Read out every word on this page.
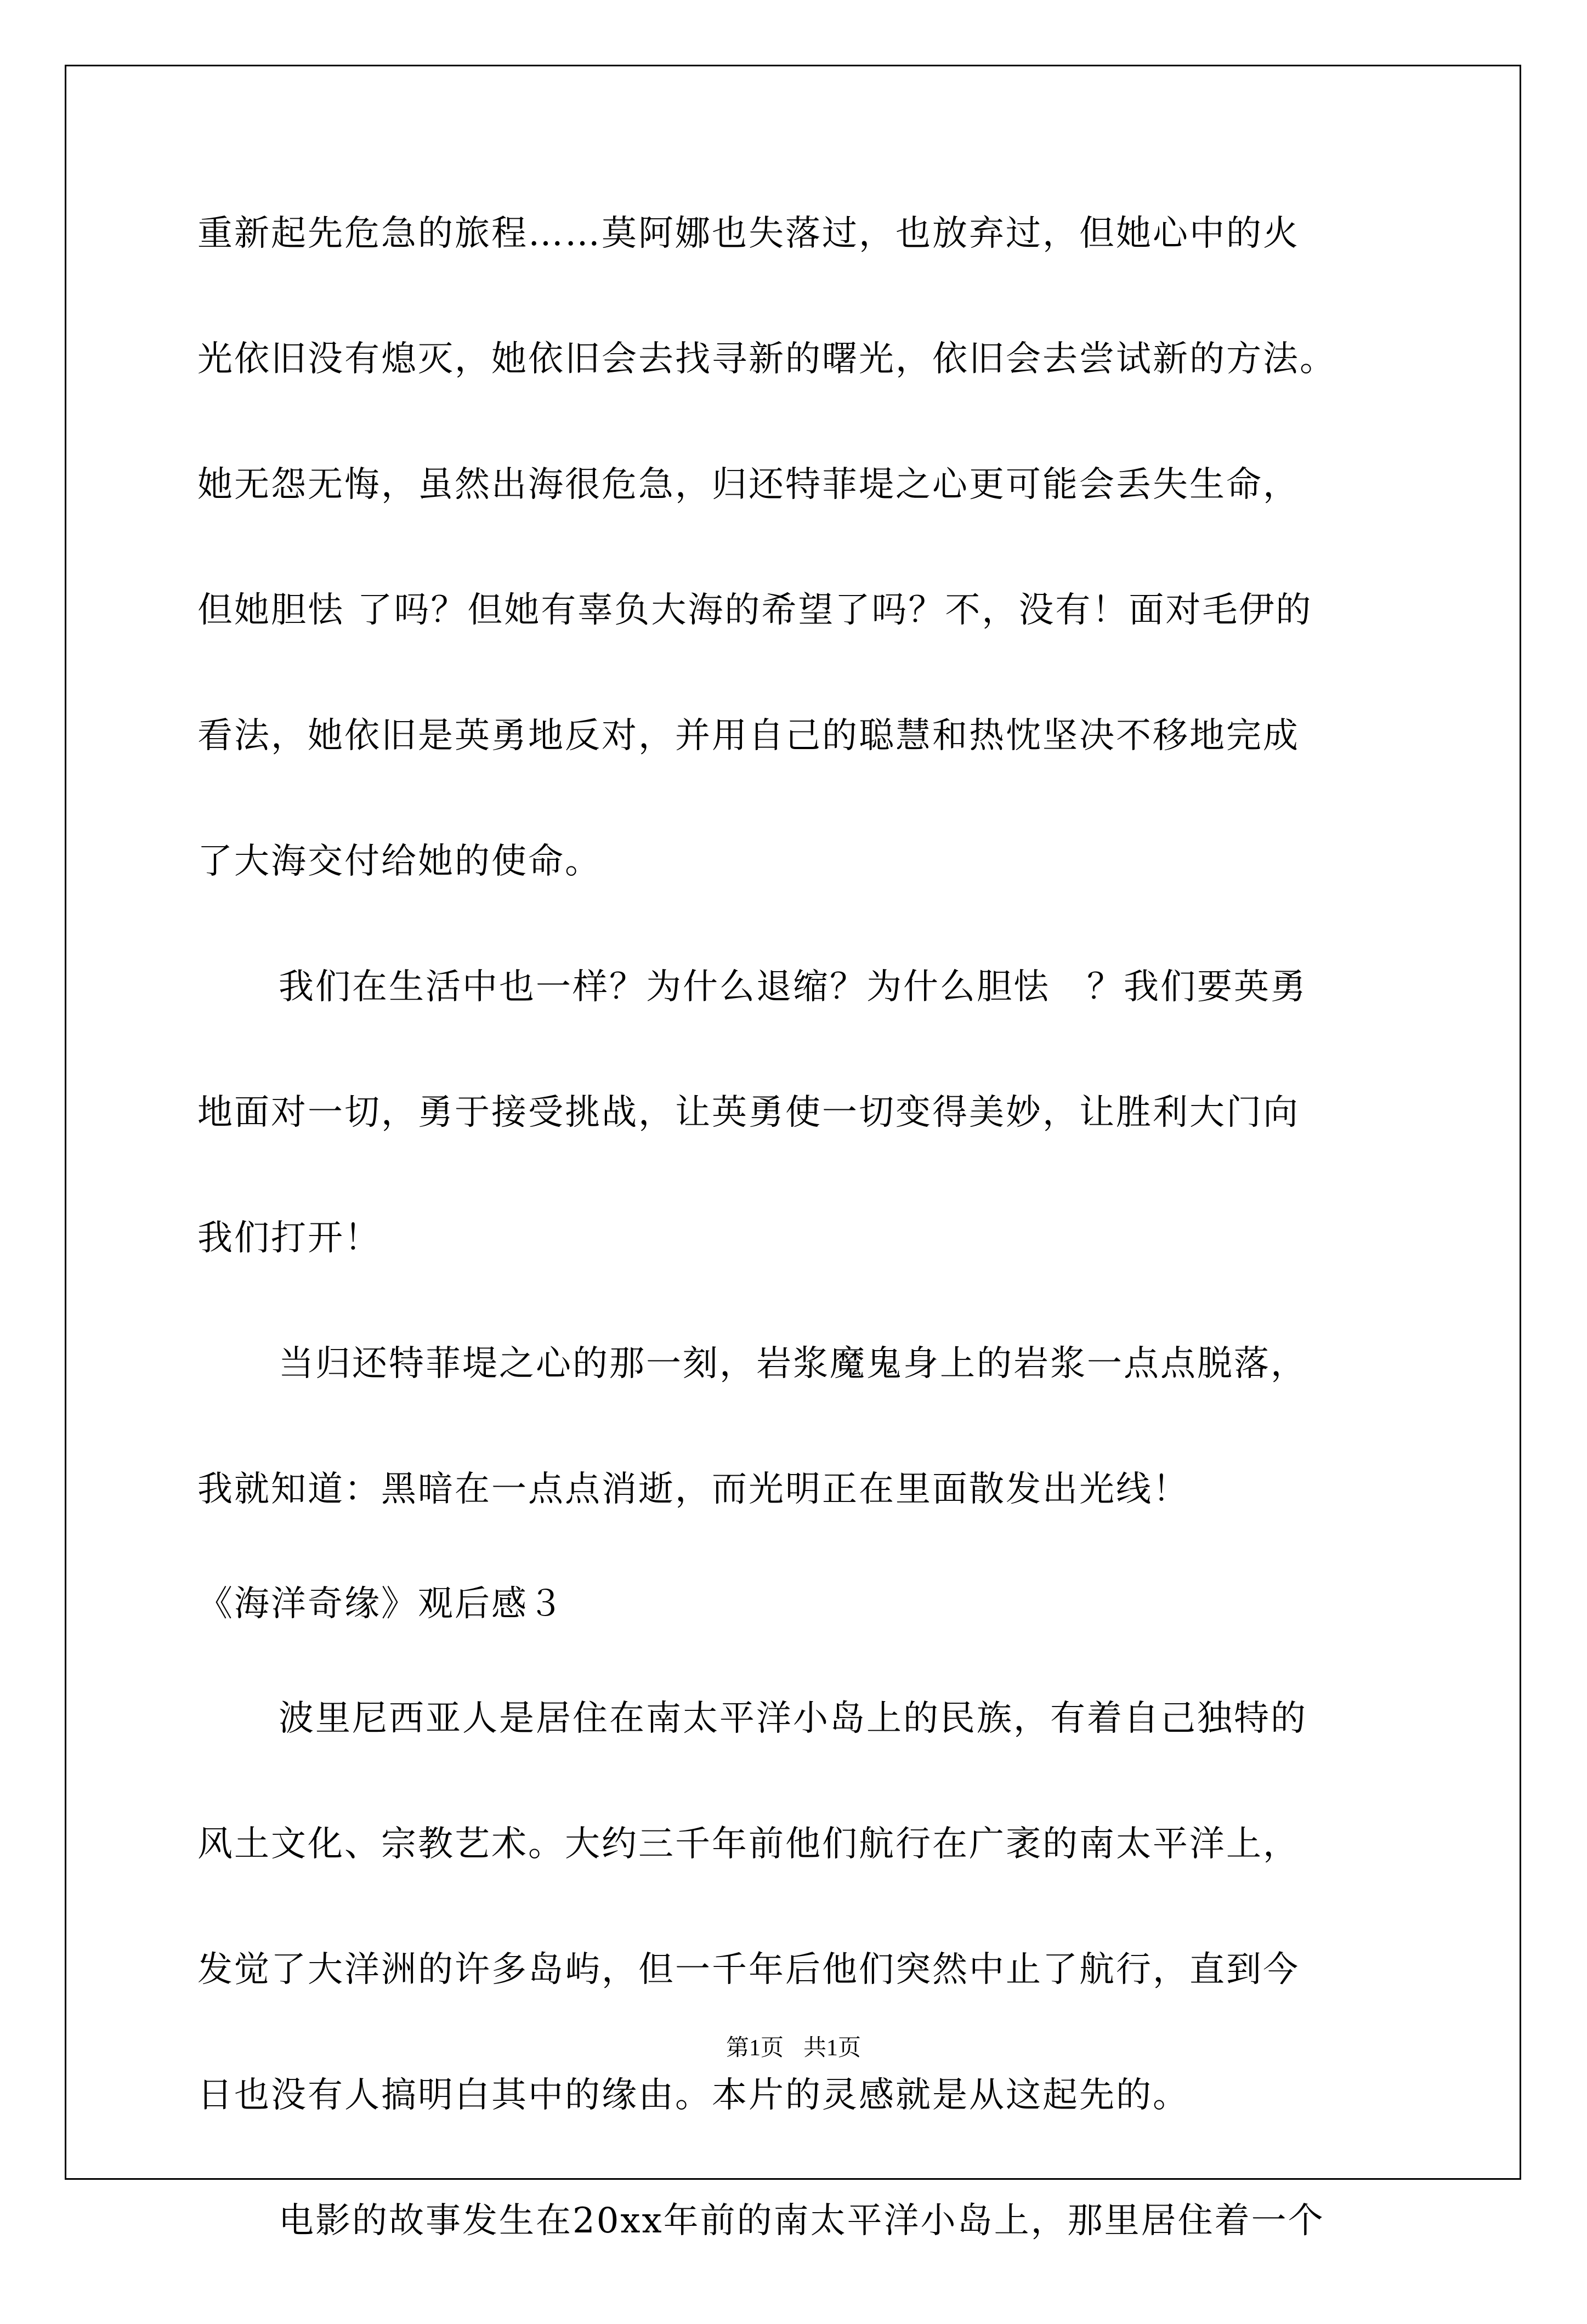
重新起先危急的旅程……莫阿娜也失落过，也放弃过，但她心中的火
光依旧没有熄灭，她依旧会去找寻新的曙光，依旧会去尝试新的方法。
她无怨无悔，虽然出海很危急，归还特菲堤之心更可能会丢失生命，
但她胆怯 了吗？但她有辜负大海的希望了吗？不，没有！面对毛伊的
看法，她依旧是英勇地反对，并用自己的聪慧和热忱坚决不移地完成
了大海交付给她的使命。
我们在生活中也一样？为什么退缩？为什么胆怯　？我们要英勇
地面对一切，勇于接受挑战，让英勇使一切变得美妙，让胜利大门向
我们打开！
当归还特菲堤之心的那一刻，岩浆魔鬼身上的岩浆一点点脱落，
我就知道：黑暗在一点点消逝，而光明正在里面散发出光线！
《海洋奇缘》观后感３
波里尼西亚人是居住在南太平洋小岛上的民族，有着自己独特的
风土文化、宗教艺术。大约三千年前他们航行在广袤的南太平洋上，
发觉了大洋洲的许多岛屿，但一千年后他们突然中止了航行，直到今
日也没有人搞明白其中的缘由。本片的灵感就是从这起先的。
电影的故事发生在20xx年前的南太平洋小岛上，那里居住着一个
第1页 共1页
